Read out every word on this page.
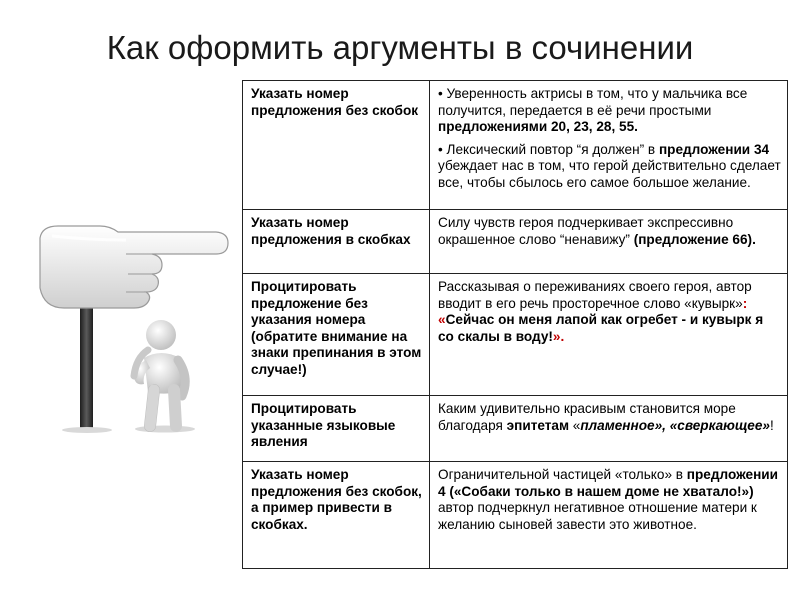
Как оформить аргументы в сочинении
Указать номер предложения без скобок	• Уверенность актрисы в том, что у мальчика все получится, передается в её речи простыми предложениями 20, 23, 28, 55.

• Лексический повтор “я должен” в предложении 34 убеждает нас в том, что герой действительно сделает все, чтобы сбылось его самое большое желание.

Указать номер предложения в скобках	Силу чувств героя подчеркивает экспрессивно окрашенное слово “ненавижу” (предложение 66).

Процитировать предложение без указания номера (обратите внимание на знаки препинания в этом случае!)	Рассказывая о переживаниях своего героя, автор вводит в его речь просторечное слово «кувырк»: «Сейчас он меня лапой как огребет - и кувырк я со скалы в воду!».

Процитировать указанные языковые явления	Каким удивительно красивым становится море благодаря эпитетам «пламенное», «сверкающее»!

Указать номер предложения без скобок, а пример привести в скобках.	Ограничительной частицей «только» в предложении 4 («Собаки только в нашем доме не хватало!») автор подчеркнул негативное отношение матери к желанию сыновей завести это животное.
